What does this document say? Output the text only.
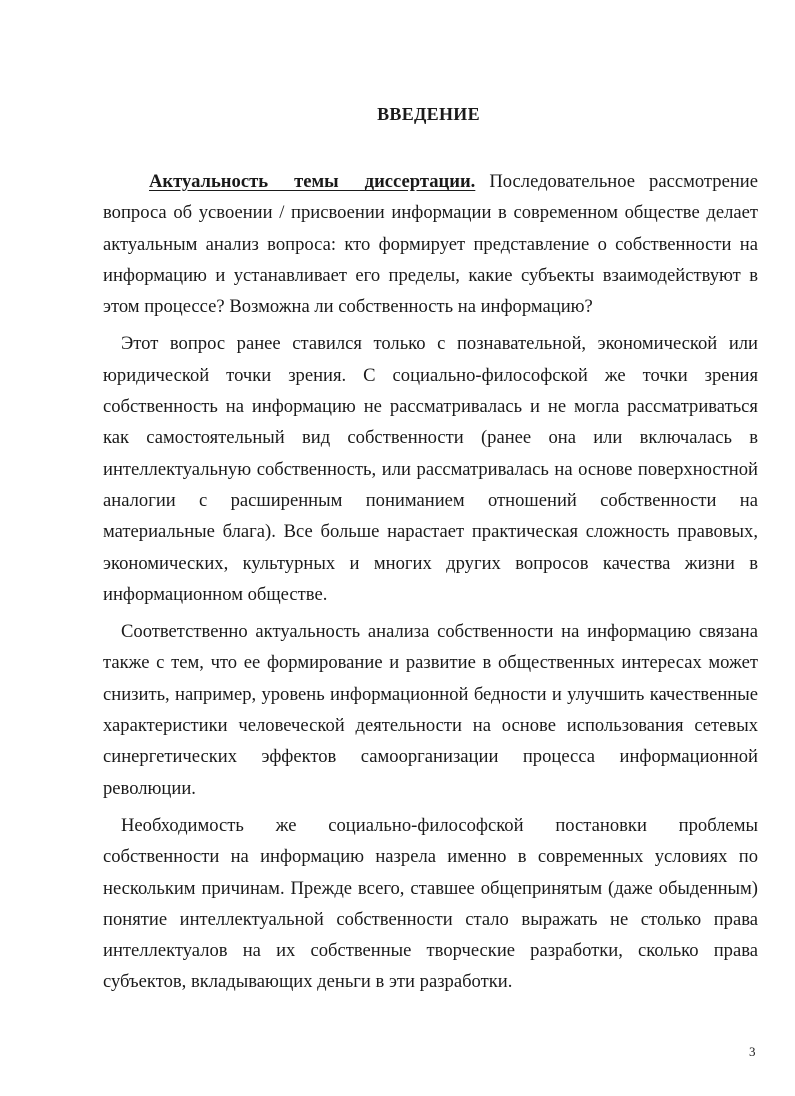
ВВЕДЕНИЕ

Актуальность темы диссертации. Последовательное рассмотрение вопроса об усвоении / присвоении информации в современном обществе делает актуальным анализ вопроса: кто формирует представление о собственности на информацию и устанавливает его пределы, какие субъекты взаимодействуют в этом процессе? Возможна ли собственность на информацию?

Этот вопрос ранее ставился только с познавательной, экономической или юридической точки зрения. С социально-философской же точки зрения собственность на информацию не рассматривалась и не могла рассматриваться как самостоятельный вид собственности (ранее она или включалась в интеллектуальную собственность, или рассматривалась на основе поверхностной аналогии с расширенным пониманием отношений собственности на материальные блага). Все больше нарастает практическая сложность правовых, экономических, культурных и многих других вопросов качества жизни в информационном обществе.

Соответственно актуальность анализа собственности на информацию связана также с тем, что ее формирование и развитие в общественных интересах может снизить, например, уровень информационной бедности и улучшить качественные характеристики человеческой деятельности на основе использования сетевых синергетических эффектов самоорганизации процесса информационной революции.

Необходимость же социально-философской постановки проблемы собственности на информацию назрела именно в современных условиях по нескольким причинам. Прежде всего, ставшее общепринятым (даже обыденным) понятие интеллектуальной собственности стало выражать не столько права интеллектуалов на их собственные творческие разработки, сколько права субъектов, вкладывающих деньги в эти разработки.

3
